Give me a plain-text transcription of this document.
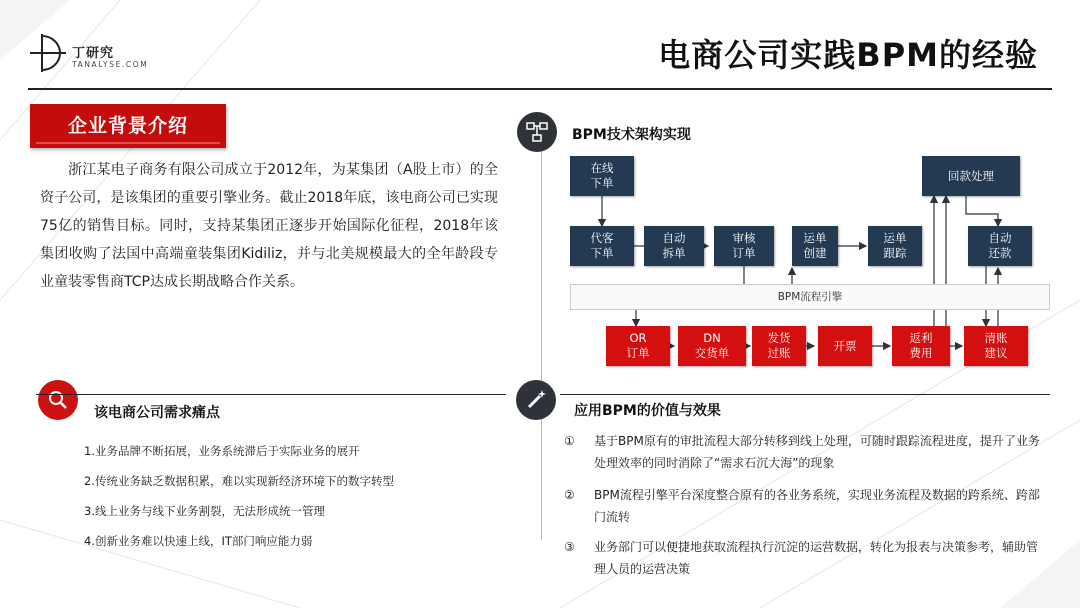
丁研究
TANALYSE.COM	电商公司实践BPM的经验
企业背景介绍

浙江某电子商务有限公司成立于2012年，为某集团（A股上市）的全资子公司，是该集团的重要引擎业务。截止2018年底，该电商公司已实现75亿的销售目标。同时，支持某集团正逐步开始国际化征程，2018年该集团收购了法国中高端童装集团Kidiliz，并与北美规模最大的全年龄段专业童装零售商TCP达成长期战略合作关系。

BPM技术架构实现
BPM流程引擎
在线
下单
代客
下单
自动
拆单
审核
订单
运单
创建
运单
跟踪
回款处理
自动
还款
OR
订单
DN
交货单
发货
过账
开票
返利
费用
清账
建议
该电商公司需求痛点
1.业务品牌不断拓展，业务系统滞后于实际业务的展开
2.传统业务缺乏数据积累，难以实现新经济环境下的数字转型
3.线上业务与线下业务割裂，无法形成统一管理
4.创新业务难以快速上线，IT部门响应能力弱
应用BPM的价值与效果
①	基于BPM原有的审批流程大部分转移到线上处理，可随时跟踪流程进度，提升了业务处理效率的同时消除了“需求石沉大海”的现象
②	BPM流程引擎平台深度整合原有的各业务系统，实现业务流程及数据的跨系统、跨部门流转
③	业务部门可以便捷地获取流程执行沉淀的运营数据，转化为报表与决策参考，辅助管理人员的运营决策
